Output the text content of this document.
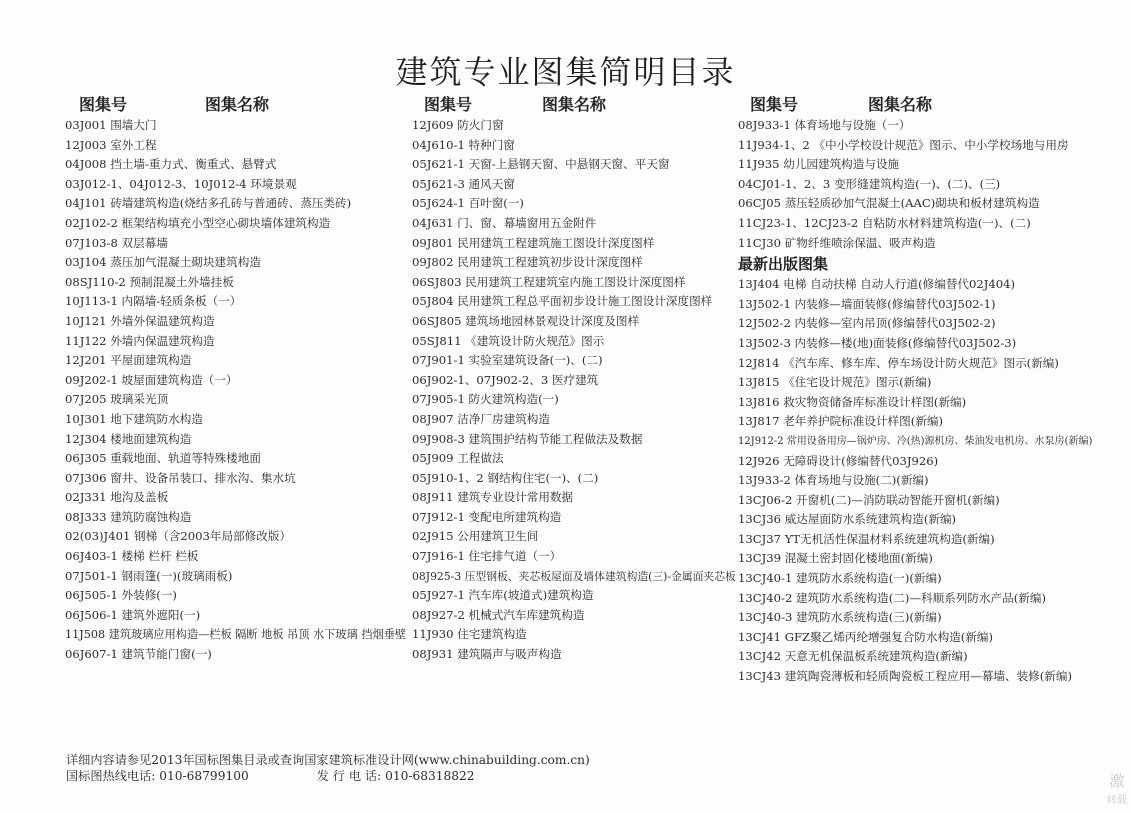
建筑专业图集简明目录
图集号	图集名称
03J001 围墙大门
12J003 室外工程
04J008 挡土墙-重力式、衡重式、悬臂式
03J012-1、04J012-3、10J012-4 环境景观
04J101 砖墙建筑构造(烧结多孔砖与普通砖、蒸压类砖)
02J102-2 框架结构填充小型空心砌块墙体建筑构造
07J103-8 双层幕墙
03J104 蒸压加气混凝土砌块建筑构造
08SJ110-2 预制混凝土外墙挂板
10J113-1 内隔墙-轻质条板（一）
10J121 外墙外保温建筑构造
11J122 外墙内保温建筑构造
12J201 平屋面建筑构造
09J202-1 坡屋面建筑构造（一）
07J205 玻璃采光顶
10J301 地下建筑防水构造
12J304 楼地面建筑构造
06J305 重载地面、轨道等特殊楼地面
07J306 窗井、设备吊装口、排水沟、集水坑
02J331 地沟及盖板
08J333 建筑防腐蚀构造
02(03)J401 钢梯（含2003年局部修改版）
06J403-1 楼梯 栏杆 栏板
07J501-1 钢雨篷(一)(玻璃雨板)
06J505-1 外装修(一)
06J506-1 建筑外遮阳(一)
11J508 建筑玻璃应用构造—栏板 隔断 地板 吊顶 水下玻璃 挡烟垂壁
06J607-1 建筑节能门窗(一)
图集号	图集名称
12J609 防火门窗
04J610-1 特种门窗
05J621-1 天窗-上悬钢天窗、中悬钢天窗、平天窗
05J621-3 通风天窗
05J624-1 百叶窗(一)
04J631 门、窗、幕墙窗用五金附件
09J801 民用建筑工程建筑施工图设计深度图样
09J802 民用建筑工程建筑初步设计深度图样
06SJ803 民用建筑工程建筑室内施工图设计深度图样
05J804 民用建筑工程总平面初步设计施工图设计深度图样
06SJ805 建筑场地园林景观设计深度及图样
05SJ811 《建筑设计防火规范》图示
07J901-1 实验室建筑设备(一)、(二)
06J902-1、07J902-2、3 医疗建筑
07J905-1 防火建筑构造(一)
08J907 洁净厂房建筑构造
09J908-3 建筑围护结构节能工程做法及数据
05J909 工程做法
05J910-1、2 钢结构住宅(一)、(二)
08J911 建筑专业设计常用数据
07J912-1 变配电所建筑构造
02J915 公用建筑卫生间
07J916-1 住宅排气道（一）
08J925-3 压型钢板、夹芯板屋面及墙体建筑构造(三)-金属面夹芯板
05J927-1 汽车库(坡道式)建筑构造
08J927-2 机械式汽车库建筑构造
11J930 住宅建筑构造
08J931 建筑隔声与吸声构造
图集号	图集名称
08J933-1 体育场地与设施（一）
11J934-1、2 《中小学校设计规范》图示、中小学校场地与用房
11J935 幼儿园建筑构造与设施
04CJ01-1、2、3 变形缝建筑构造(一)、(二)、(三)
06CJ05 蒸压轻质砂加气混凝土(AAC)砌块和板材建筑构造
11CJ23-1、12CJ23-2 自粘防水材料建筑构造(一)、(二)
11CJ30 矿物纤维喷涂保温、吸声构造
最新出版图集
13J404 电梯 自动扶梯 自动人行道(修编替代02J404)
13J502-1 内装修—墙面装修(修编替代03J502-1)
12J502-2 内装修—室内吊顶(修编替代03J502-2)
13J502-3 内装修—楼(地)面装修(修编替代03J502-3)
12J814 《汽车库、修车库、停车场设计防火规范》图示(新编)
13J815 《住宅设计规范》图示(新编)
13J816 救灾物资储备库标准设计样图(新编)
13J817 老年养护院标准设计样图(新编)
12J912-2 常用设备用房—锅炉房、冷(热)源机房、柴油发电机房、水泵房(新编)
12J926 无障碍设计(修编替代03J926)
13J933-2 体育场地与设施(二)(新编)
13CJ06-2 开窗机(二)—消防联动智能开窗机(新编)
13CJ36 威达屋面防水系统建筑构造(新编)
13CJ37 YT无机活性保温材料系统建筑构造(新编)
13CJ39 混凝土密封固化楼地面(新编)
13CJ40-1 建筑防水系统构造(一)(新编)
13CJ40-2 建筑防水系统构造(二)—科顺系列防水产品(新编)
13CJ40-3 建筑防水系统构造(三)(新编)
13CJ41 GFZ聚乙烯丙纶增强复合防水构造(新编)
13CJ42 天意无机保温板系统建筑构造(新编)
13CJ43 建筑陶瓷薄板和轻质陶瓷板工程应用—幕墙、装修(新编)
详细内容请参见2013年国标图集目录或查询国家建筑标准设计网(www.chinabuilding.com.cn)
国标图热线电话: 010-68799100	发 行 电 话: 010-68318822	激
转载
